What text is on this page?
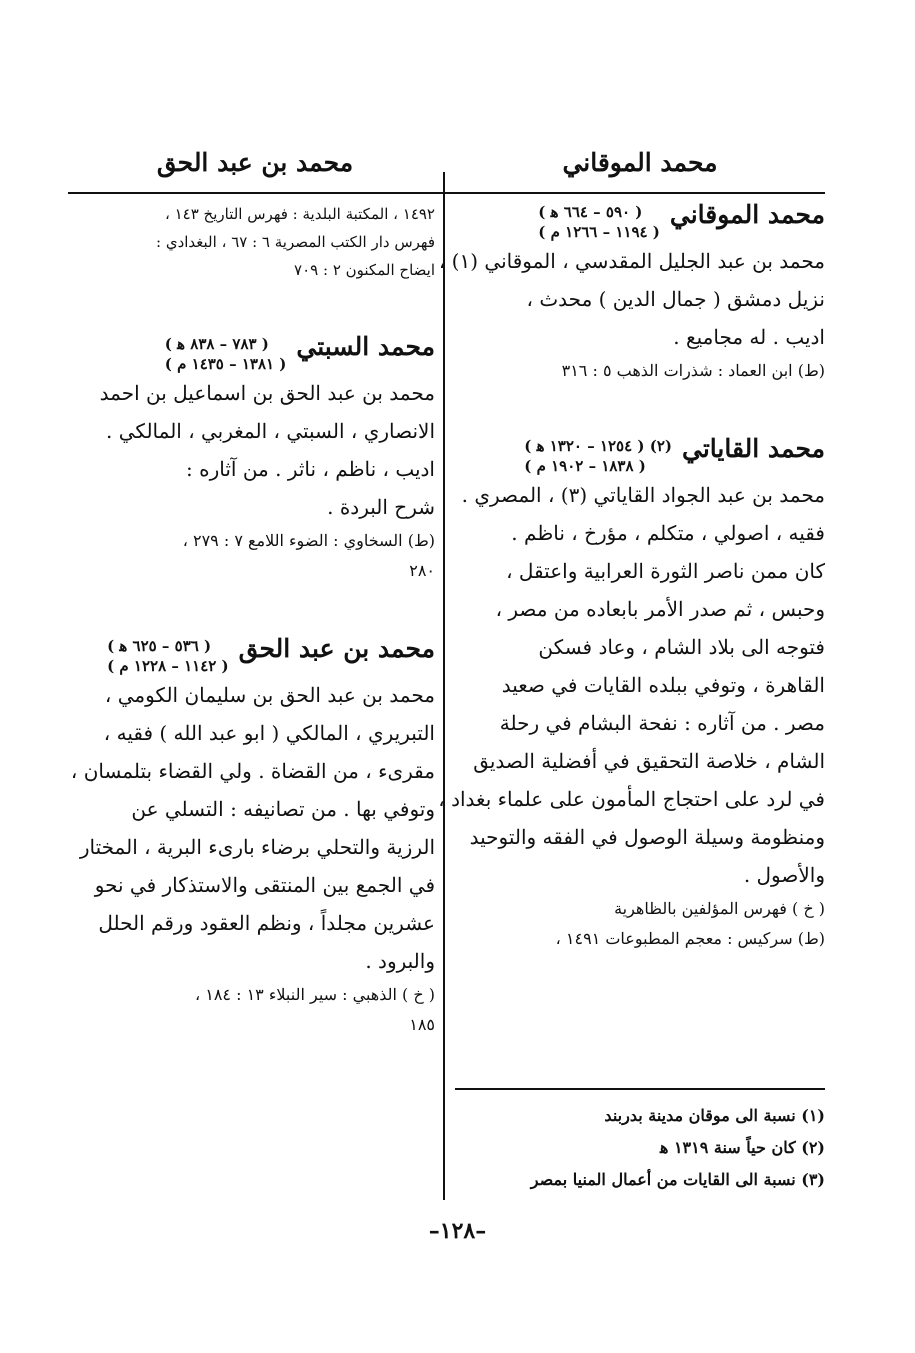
محمد الموقاني
محمد بن عبد الحق
محمد الموقاني
( ٥٩٠ – ٦٦٤ ﻫ )
( ١١٩٤ – ١٢٦٦ م )
محمد بن عبد الجليل المقدسي ، الموقاني (١) ،
نزيل دمشق ( جمال الدين ) محدث ،
اديب . له مجاميع .
(ط) ابن العماد : شذرات الذهب ٥ : ٣١٦
محمد القاياتي
( ١٢٥٤ – ١٣٢٠ ﻫ ) (٢)
( ١٨٣٨ – ١٩٠٢ م )
محمد بن عبد الجواد القاياتي (٣) ، المصري .
فقيه ، اصولي ، متكلم ، مؤرخ ، ناظم .
كان ممن ناصر الثورة العرابية واعتقل ،
وحبس ، ثم صدر الأمر بابعاده من مصر ،
فتوجه الى بلاد الشام ، وعاد فسكن
القاهرة ، وتوفي ببلده القايات في صعيد
مصر . من آثاره : نفحة البشام في رحلة
الشام ، خلاصة التحقيق في أفضلية الصديق
في لرد على احتجاج المأمون على علماء بغداد ،
ومنظومة وسيلة الوصول في الفقه والتوحيد
والأصول .
( خ ) فهرس المؤلفين بالظاهرية
(ط) سركيس : معجم المطبوعات ١٤٩١ ،
١٤٩٢ ، المكتبة البلدية : فهرس التاريخ ١٤٣ ،
فهرس دار الكتب المصرية ٦ : ٦٧ ، البغدادي :
ايضاح المكنون ٢ : ٧٠٩
محمد السبتي
( ٧٨٣ – ٨٣٨ ﻫ )
( ١٣٨١ – ١٤٣٥ م )
محمد بن عبد الحق بن اسماعيل بن احمد
الانصاري ، السبتي ، المغربي ، المالكي .
اديب ، ناظم ، ناثر . من آثاره :
شرح البردة .
(ط) السخاوي : الضوء اللامع ٧ : ٢٧٩ ،
٢٨٠
محمد بن عبد الحق
( ٥٣٦ – ٦٢٥ ﻫ )
( ١١٤٢ – ١٢٢٨ م )
محمد بن عبد الحق بن سليمان الكومي ،
التبريري ، المالكي ( ابو عبد الله ) فقيه ،
مقرىء ، من القضاة . ولي القضاء بتلمسان ،
وتوفي بها . من تصانيفه : التسلي عن
الرزية والتحلي برضاء بارىء البرية ، المختار
في الجمع بين المنتقى والاستذكار في نحو
عشرين مجلداً ، ونظم العقود ورقم الحلل
والبرود .
( خ ) الذهبي : سير النبلاء ١٣ : ١٨٤ ،
١٨٥
(١) نسبة الى موقان مدينة بدربند
(٢) كان حياً سنة ١٣١٩ ﻫ
(٣) نسبة الى القايات من أعمال المنيا بمصر
–١٢٨–
